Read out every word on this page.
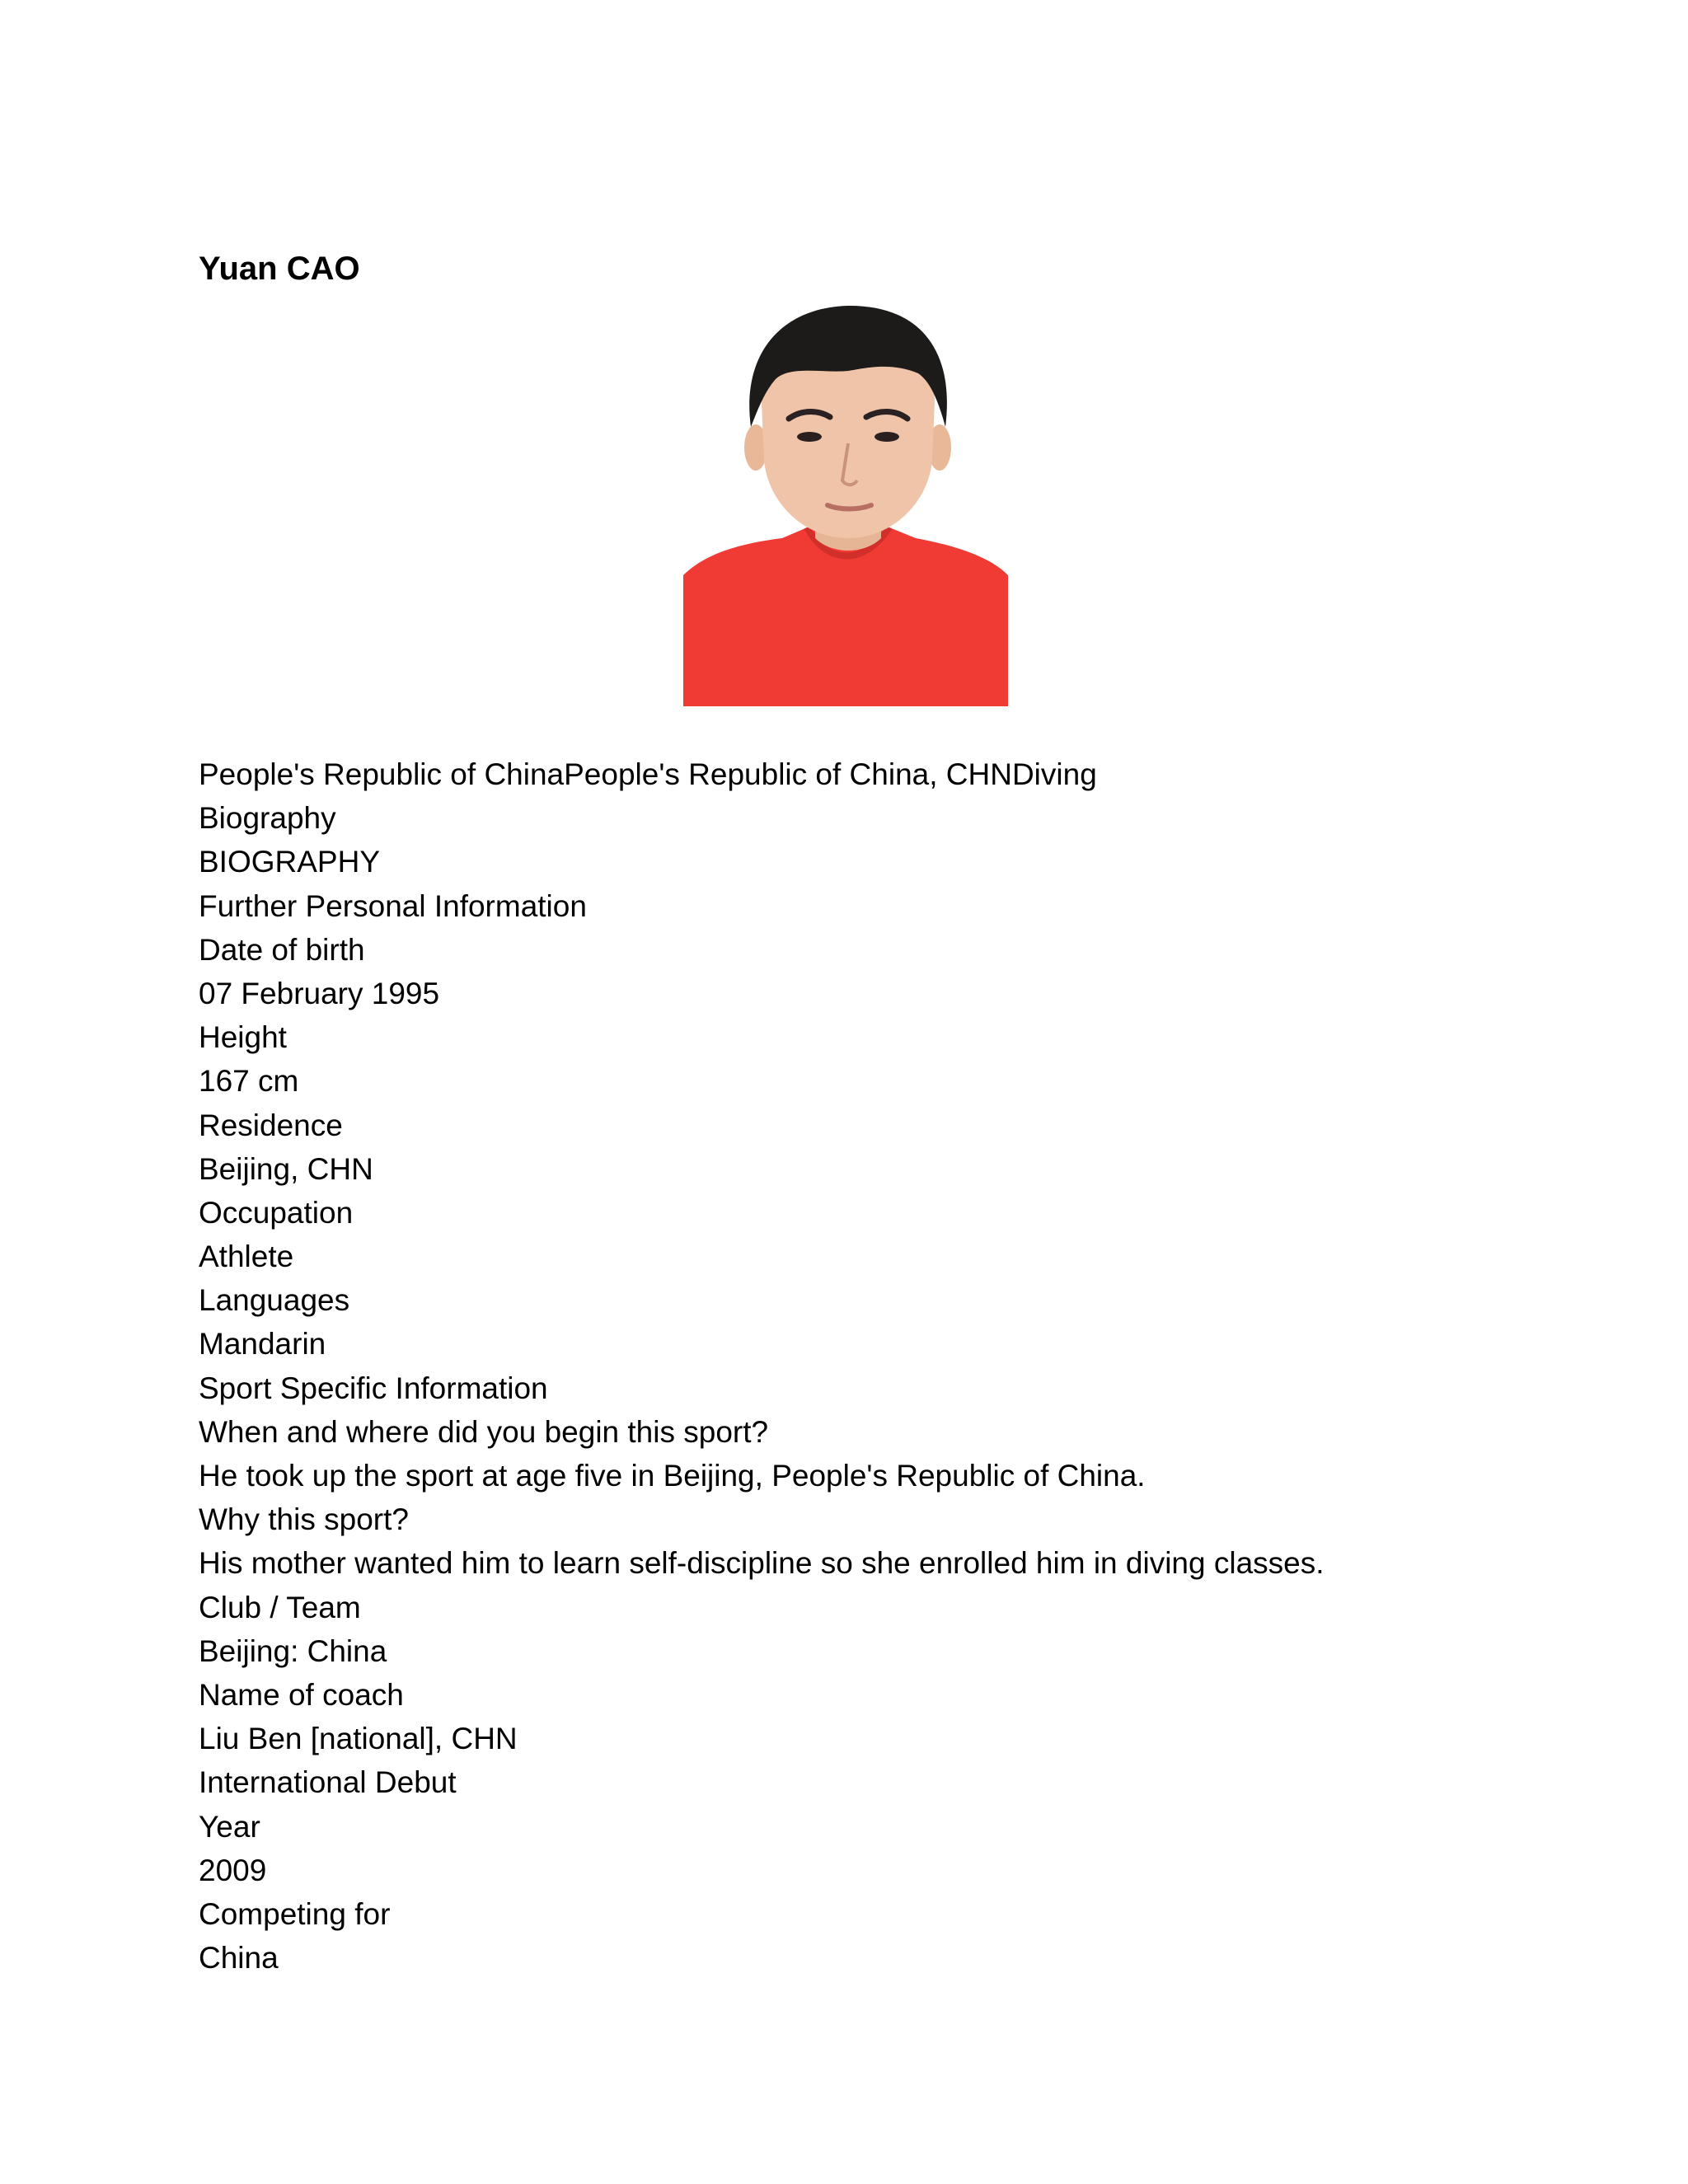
Yuan CAO
People's Republic of ChinaPeople's Republic of China, CHNDiving
Biography
BIOGRAPHY
Further Personal Information
Date of birth
07 February 1995
Height
167 cm
Residence
Beijing, CHN
Occupation
Athlete
Languages
Mandarin
Sport Specific Information
When and where did you begin this sport?
He took up the sport at age five in Beijing, People's Republic of China.
Why this sport?
His mother wanted him to learn self-discipline so she enrolled him in diving classes.
Club / Team
Beijing: China
Name of coach
Liu Ben [national], CHN
International Debut
Year
2009
Competing for
China
